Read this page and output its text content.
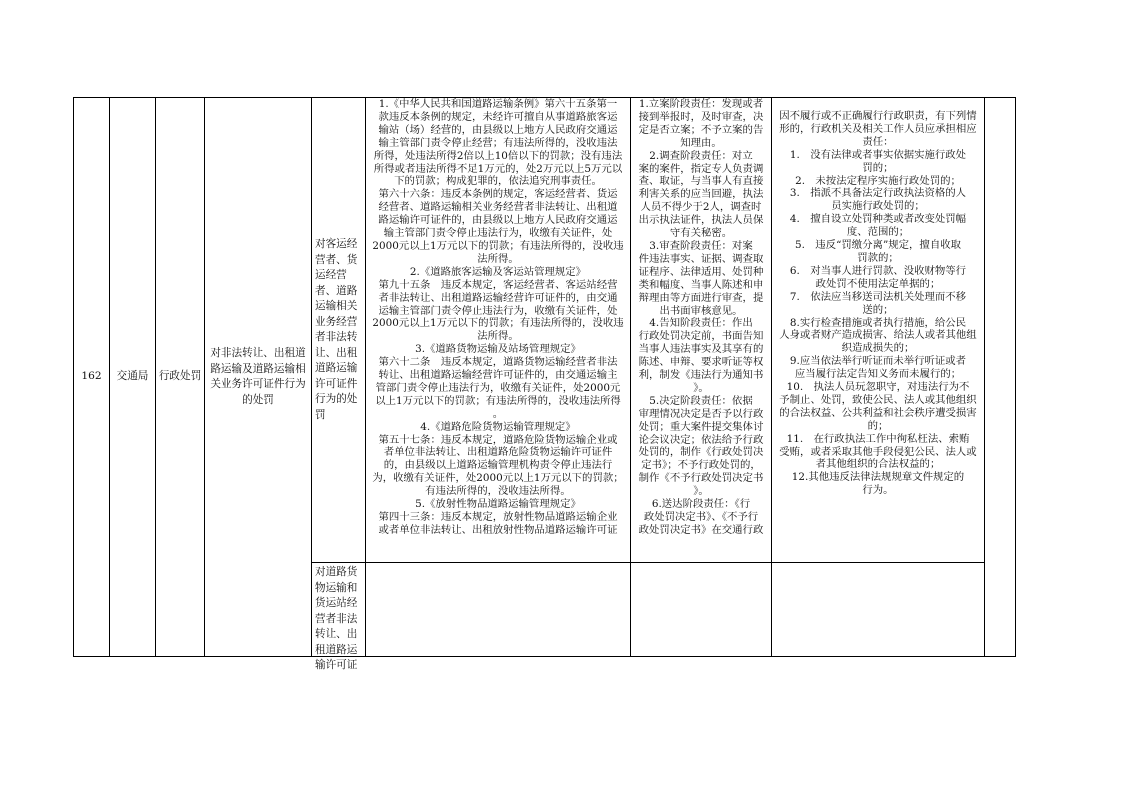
162 交通局 行政处罚
对非法转让、出租道路运输及道路运输相关业务许可证件行为的处罚
对客运经营者、货运经营者、道路运输相关业务经营者非法转让、出租道路运输许可证件行为的处罚
对道路货物运输和货运站经营者非法转让、出租道路运输许可证
1.《中华人民共和国道路运输条例》第六十五条第一
款违反本条例的规定，未经许可擅自从事道路旅客运
输站（场）经营的，由县级以上地方人民政府交通运
输主管部门责令停止经营；有违法所得的，没收违法
所得，处违法所得2倍以上10倍以下的罚款；没有违法
所得或者违法所得不足1万元的，处2万元以上5万元以
下的罚款；构成犯罪的，依法追究刑事责任。
第六十六条：违反本条例的规定，客运经营者、货运
经营者、道路运输相关业务经营者非法转让、出租道
路运输许可证件的，由县级以上地方人民政府交通运
输主管部门责令停止违法行为，收缴有关证件，处
2000元以上1万元以下的罚款；有违法所得的，没收违
法所得。
2.《道路旅客运输及客运站管理规定》
第九十五条　违反本规定，客运经营者、客运站经营
者非法转让、出租道路运输经营许可证件的，由交通
运输主管部门责令停止违法行为，收缴有关证件，处
2000元以上1万元以下的罚款；有违法所得的，没收违
法所得。
3.《道路货物运输及站场管理规定》
第六十二条　违反本规定，道路货物运输经营者非法
转让、出租道路运输经营许可证件的，由交通运输主
管部门责令停止违法行为，收缴有关证件，处2000元
以上1万元以下的罚款；有违法所得的，没收违法所得
。
4.《道路危险货物运输管理规定》
第五十七条：违反本规定，道路危险货物运输企业或
者单位非法转让、出租道路危险货物运输许可证件
的，由县级以上道路运输管理机构责令停止违法行
为，收缴有关证件，处2000元以上1万元以下的罚款；
有违法所得的，没收违法所得。
5.《放射性物品道路运输管理规定》
第四十三条：违反本规定，放射性物品道路运输企业
或者单位非法转让、出租放射性物品道路运输许可证
1.立案阶段责任：发现或者
接到举报时，及时审查，决
定是否立案；不予立案的告
知理由。
2.调查阶段责任：对立
案的案件，指定专人负责调
查、取证，与当事人有直接
利害关系的应当回避，执法
人员不得少于2人，调查时
出示执法证件，执法人员保
守有关秘密。
3.审查阶段责任：对案
件违法事实、证据、调查取
证程序、法律适用、处罚种
类和幅度、当事人陈述和申
辩理由等方面进行审查，提
出书面审核意见。
4.告知阶段责任：作出
行政处罚决定前，书面告知
当事人违法事实及其享有的
陈述、申辩、要求听证等权
利，制发《违法行为通知书
》。
5.决定阶段责任：依据
审理情况决定是否予以行政
处罚；重大案件提交集体讨
论会议决定；依法给予行政
处罚的，制作《行政处罚决
定书》；不予行政处罚的，
制作《不予行政处罚决定书
》。
6.送达阶段责任：《行
政处罚决定书》、《不予行
政处罚决定书》在交通行政
因不履行或不正确履行行政职责，有下列情
形的，行政机关及相关工作人员应承担相应
责任：
1.　没有法律或者事实依据实施行政处
罚的；
2.　未按法定程序实施行政处罚的；
3.　指派不具备法定行政执法资格的人
员实施行政处罚的；
4.　擅自设立处罚种类或者改变处罚幅
度、范围的；
5.　违反“罚缴分离”规定，擅自收取
罚款的；
6.　对当事人进行罚款、没收财物等行
政处罚不使用法定单据的；
7.　依法应当移送司法机关处理而不移
送的；
8.实行检查措施或者执行措施，给公民
人身或者财产造成损害、给法人或者其他组
织造成损失的；
9.应当依法举行听证而未举行听证或者
应当履行法定告知义务而未履行的；
10.　执法人员玩忽职守，对违法行为不
予制止、处罚，致使公民、法人或其他组织
的合法权益、公共利益和社会秩序遭受损害
的；
11.　在行政执法工作中徇私枉法、索贿
受贿，或者采取其他手段侵犯公民、法人或
者其他组织的合法权益的；
12.其他违反法律法规规章文件规定的
行为。
